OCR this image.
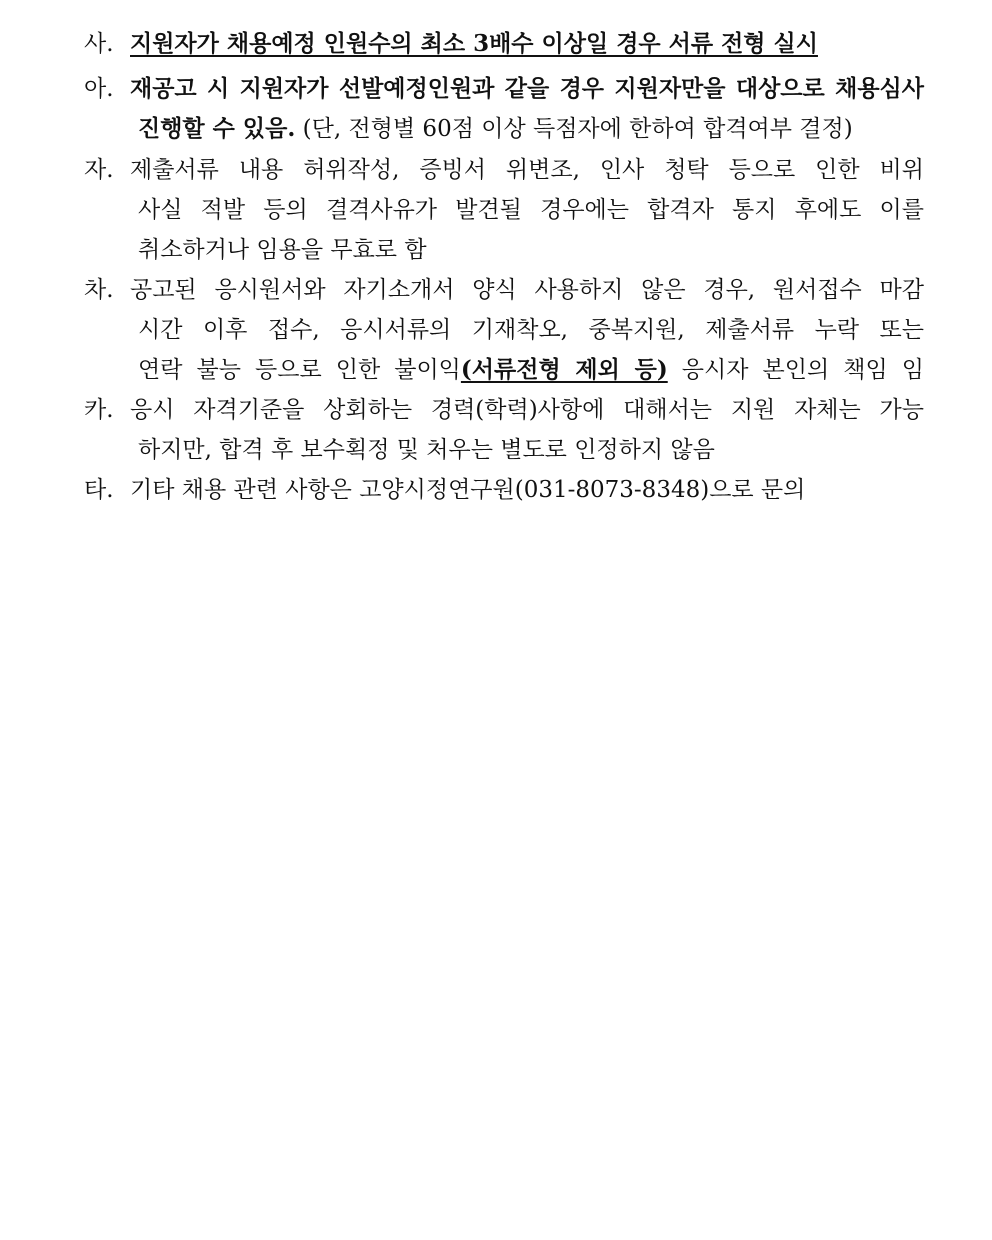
사. 지원자가 채용예정 인원수의 최소 3배수 이상일 경우 서류 전형 실시
아. 재공고 시 지원자가 선발예정인원과 같을 경우 지원자만을 대상으로 채용심사
진행할 수 있음. (단, 전형별 60점 이상 득점자에 한하여 합격여부 결정)
자. 제출서류 내용 허위작성, 증빙서 위변조, 인사 청탁 등으로 인한 비위
사실 적발 등의 결격사유가 발견될 경우에는 합격자 통지 후에도 이를
취소하거나 임용을 무효로 함
차. 공고된 응시원서와 자기소개서 양식 사용하지 않은 경우, 원서접수 마감
시간 이후 접수, 응시서류의 기재착오, 중복지원, 제출서류 누락 또는
연락 불능 등으로 인한 불이익(서류전형 제외 등) 응시자 본인의 책임 임
카. 응시 자격기준을 상회하는 경력(학력)사항에 대해서는 지원 자체는 가능
하지만, 합격 후 보수획정 및 처우는 별도로 인정하지 않음
타. 기타 채용 관련 사항은 고양시정연구원(031-8073-8348)으로 문의
